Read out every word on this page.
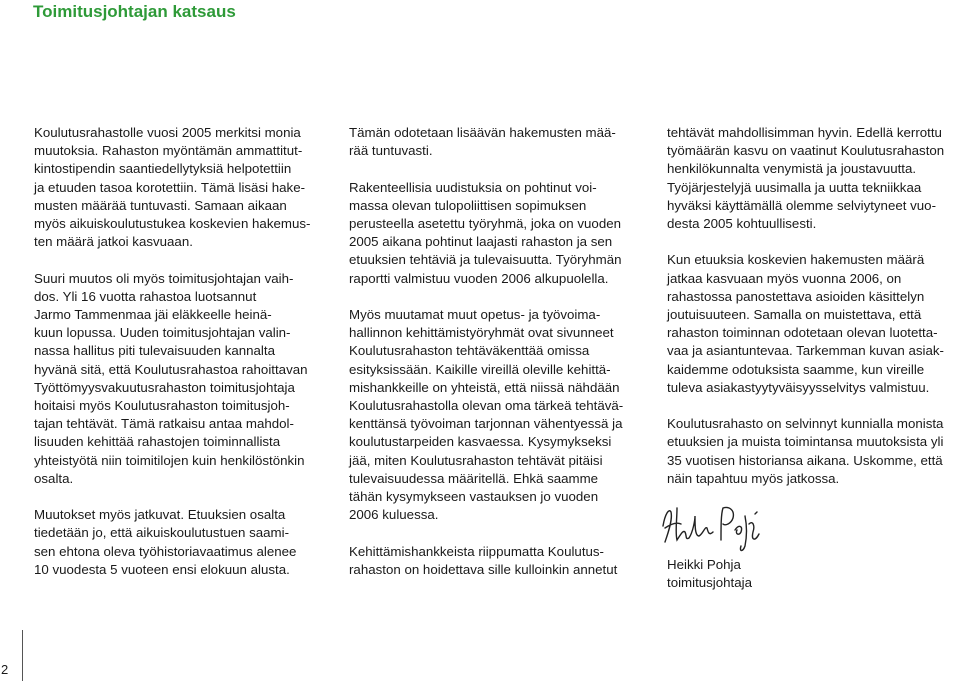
Toimitusjohtajan katsaus

Koulutusrahastolle vuosi 2005 merkitsi monia
muutoksia. Rahaston myöntämän ammattitut-
kintostipendin saantiedellytyksiä helpotettiin
ja etuuden tasoa korotettiin. Tämä lisäsi hake-
musten määrää tuntuvasti. Samaan aikaan
myös aikuiskoulutustukea koskevien hakemus-
ten määrä jatkoi kasvuaan.

Suuri muutos oli myös toimitusjohtajan vaih-
dos. Yli 16 vuotta rahastoa luotsannut
Jarmo Tammenmaa jäi eläkkeelle heinä-
kuun lopussa. Uuden toimitusjohtajan valin-
nassa hallitus piti tulevaisuuden kannalta
hyvänä sitä, että Koulutusrahastoa rahoittavan
Työttömyysvakuutusrahaston toimitusjohtaja
hoitaisi myös Koulutusrahaston toimitusjoh-
tajan tehtävät. Tämä ratkaisu antaa mahdol-
lisuuden kehittää rahastojen toiminnallista
yhteistyötä niin toimitilojen kuin henkilöstönkin
osalta.

Muutokset myös jatkuvat. Etuuksien osalta
tiedetään jo, että aikuiskoulutustuen saami-
sen ehtona oleva työhistoriavaatimus alenee
10 vuodesta 5 vuoteen ensi elokuun alusta.

Tämän odotetaan lisäävän hakemusten mää-
rää tuntuvasti.

Rakenteellisia uudistuksia on pohtinut voi-
massa olevan tulopoliittisen sopimuksen
perusteella asetettu työryhmä, joka on vuoden
2005 aikana pohtinut laajasti rahaston ja sen
etuuksien tehtäviä ja tulevaisuutta. Työryhmän
raportti valmistuu vuoden 2006 alkupuolella.

Myös muutamat muut opetus- ja työvoima-
hallinnon kehittämistyöryhmät ovat sivunneet
Koulutusrahaston tehtäväkenttää omissa
esityksissään. Kaikille vireillä oleville kehittä-
mishankkeille on yhteistä, että niissä nähdään
Koulutusrahastolla olevan oma tärkeä tehtävä-
kenttänsä työvoiman tarjonnan vähentyessä ja
koulutustarpeiden kasvaessa. Kysymykseksi
jää, miten Koulutusrahaston tehtävät pitäisi
tulevaisuudessa määritellä. Ehkä saamme
tähän kysymykseen vastauksen jo vuoden
2006 kuluessa.

Kehittämishankkeista riippumatta Koulutus-
rahaston on hoidettava sille kulloinkin annetut

tehtävät mahdollisimman hyvin. Edellä kerrottu
työmäärän kasvu on vaatinut Koulutusrahaston
henkilökunnalta venymistä ja joustavuutta.
Työjärjestelyjä uusimalla ja uutta tekniikkaa
hyväksi käyttämällä olemme selviytyneet vuo-
desta 2005 kohtuullisesti.

Kun etuuksia koskevien hakemusten määrä
jatkaa kasvuaan myös vuonna 2006, on
rahastossa panostettava asioiden käsittelyn
joutuisuuteen. Samalla on muistettava, että
rahaston toiminnan odotetaan olevan luotetta-
vaa ja asiantuntevaa. Tarkemman kuvan asiak-
kaidemme odotuksista saamme, kun vireille
tuleva asiakastyytyväisyysselvitys valmistuu.

Koulutusrahasto on selvinnyt kunnialla monista
etuuksien ja muista toimintansa muutoksista yli
35 vuotisen historiansa aikana. Uskomme, että
näin tapahtuu myös jatkossa.

Heikki Pohja
toimitusjohtaja

2
